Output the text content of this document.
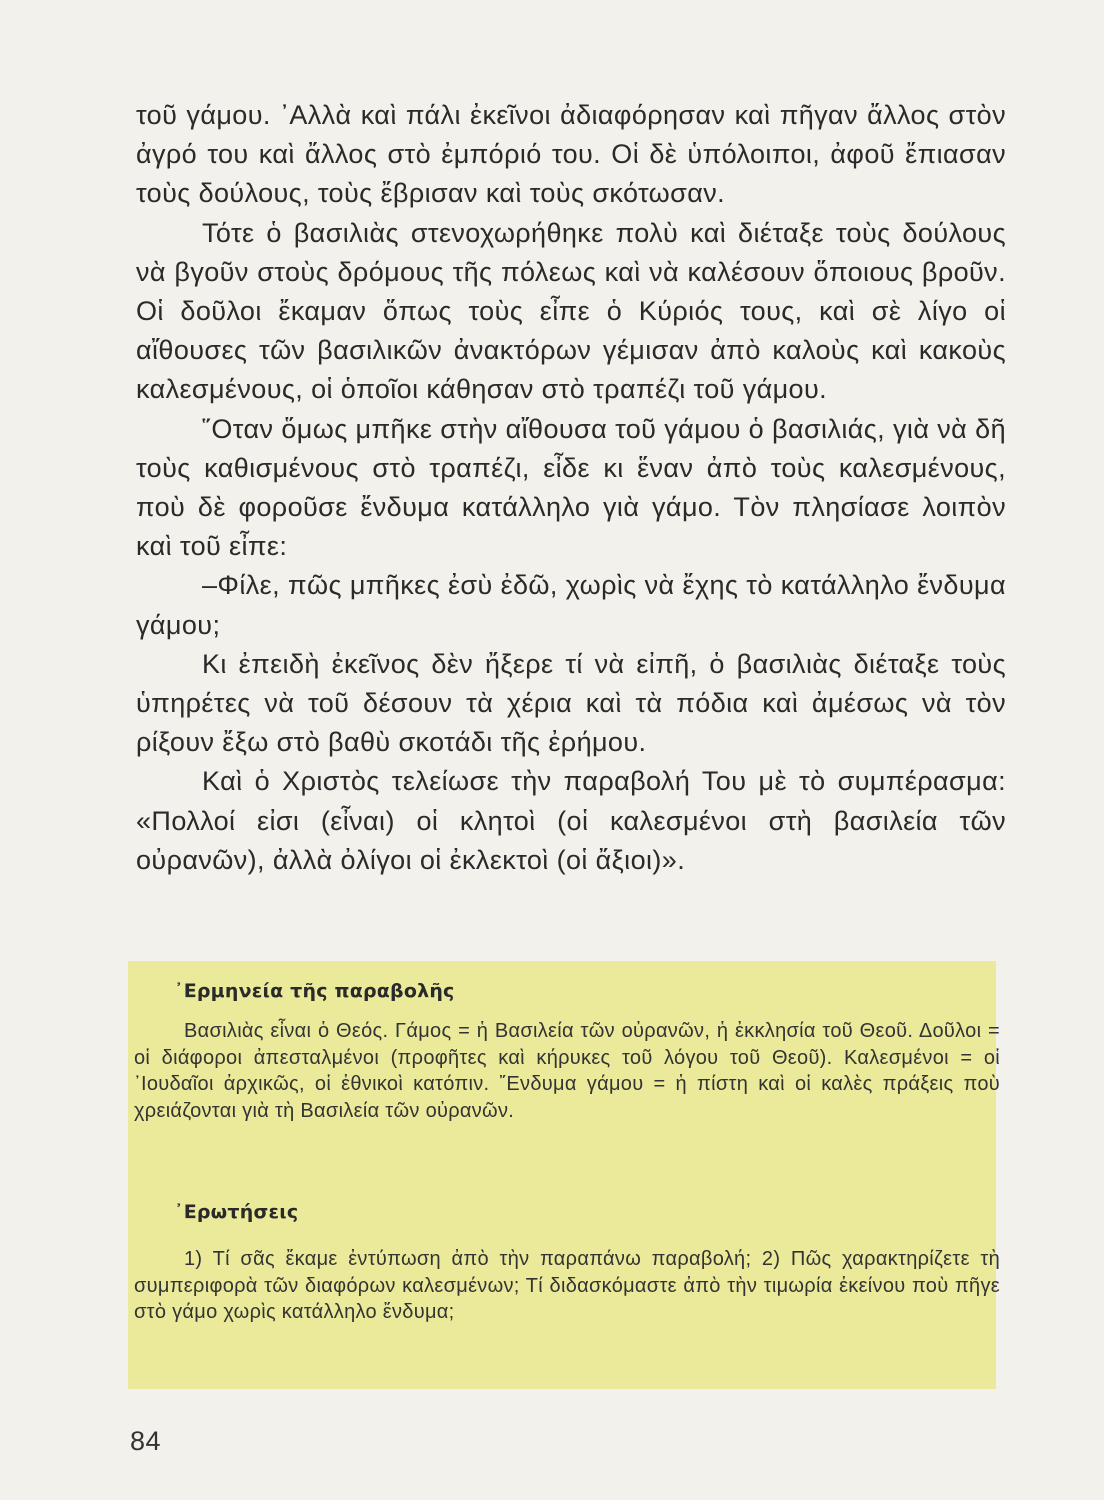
τοῦ γάμου. ᾿Αλλὰ καὶ πάλι ἐκεῖνοι ἀδιαφόρησαν καὶ πῆγαν ἄλλος στὸν ἀγρό του καὶ ἄλλος στὸ ἐμπόριό του. Οἱ δὲ ὑπόλοιποι, ἀφοῦ ἔπιασαν τοὺς δούλους, τοὺς ἔβρισαν καὶ τοὺς σκότωσαν.

Τότε ὁ βασιλιὰς στενοχωρήθηκε πολὺ καὶ διέταξε τοὺς δούλους νὰ βγοῦν στοὺς δρόμους τῆς πόλεως καὶ νὰ καλέσουν ὅποιους βροῦν. Οἱ δοῦλοι ἔκαμαν ὅπως τοὺς εἶπε ὁ Κύριός τους, καὶ σὲ λίγο οἱ αἴθουσες τῶν βασιλικῶν ἀνακτόρων γέμισαν ἀπὸ καλοὺς καὶ κακοὺς καλεσμένους, οἱ ὁποῖοι κάθησαν στὸ τραπέζι τοῦ γάμου.

῞Οταν ὅμως μπῆκε στὴν αἴθουσα τοῦ γάμου ὁ βασιλιάς, γιὰ νὰ δῆ τοὺς καθισμένους στὸ τραπέζι, εἶδε κι ἕναν ἀπὸ τοὺς καλεσμένους, ποὺ δὲ φοροῦσε ἔνδυμα κατάλληλο γιὰ γάμο. Τὸν πλησίασε λοιπὸν καὶ τοῦ εἶπε:

–Φίλε, πῶς μπῆκες ἐσὺ ἐδῶ, χωρὶς νὰ ἔχης τὸ κατάλληλο ἔνδυμα γάμου;

Κι ἐπειδὴ ἐκεῖνος δὲν ἤξερε τί νὰ εἰπῆ, ὁ βασιλιὰς διέταξε τοὺς ὑπηρέτες νὰ τοῦ δέσουν τὰ χέρια καὶ τὰ πόδια καὶ ἀμέσως νὰ τὸν ρίξουν ἔξω στὸ βαθὺ σκοτάδι τῆς ἐρήμου.

Καὶ ὁ Χριστὸς τελείωσε τὴν παραβολή Του μὲ τὸ συμπέρασμα: «Πολλοί εἰσι (εἶναι) οἱ κλητοὶ (οἱ καλεσμένοι στὴ βασιλεία τῶν οὐρανῶν), ἀλλὰ ὀλίγοι οἱ ἐκλεκτοὶ (οἱ ἄξιοι)».

᾿Ερμηνεία τῆς παραβολῆς

Βασιλιὰς εἶναι ὁ Θεός. Γάμος = ἡ Βασιλεία τῶν οὐρανῶν, ἡ ἐκκλησία τοῦ Θεοῦ. Δοῦλοι = οἱ διάφοροι ἀπεσταλμένοι (προφῆτες καὶ κήρυκες τοῦ λόγου τοῦ Θεοῦ). Καλεσμένοι = οἱ ᾿Ιουδαῖοι ἀρχικῶς, οἱ ἐθνικοὶ κατόπιν. ῎Ενδυμα γάμου = ἡ πίστη καὶ οἱ καλὲς πράξεις ποὺ χρειάζονται γιὰ τὴ Βασιλεία τῶν οὐρανῶν.

᾿Ερωτήσεις

1) Τί σᾶς ἔκαμε ἐντύπωση ἀπὸ τὴν παραπάνω παραβολή; 2) Πῶς χαρακτηρίζετε τὴ συμπεριφορὰ τῶν διαφόρων καλεσμένων; Τί διδασκόμαστε ἀπὸ τὴν τιμωρία ἐκείνου ποὺ πῆγε στὸ γάμο χωρὶς κατάλληλο ἔνδυμα;

84
